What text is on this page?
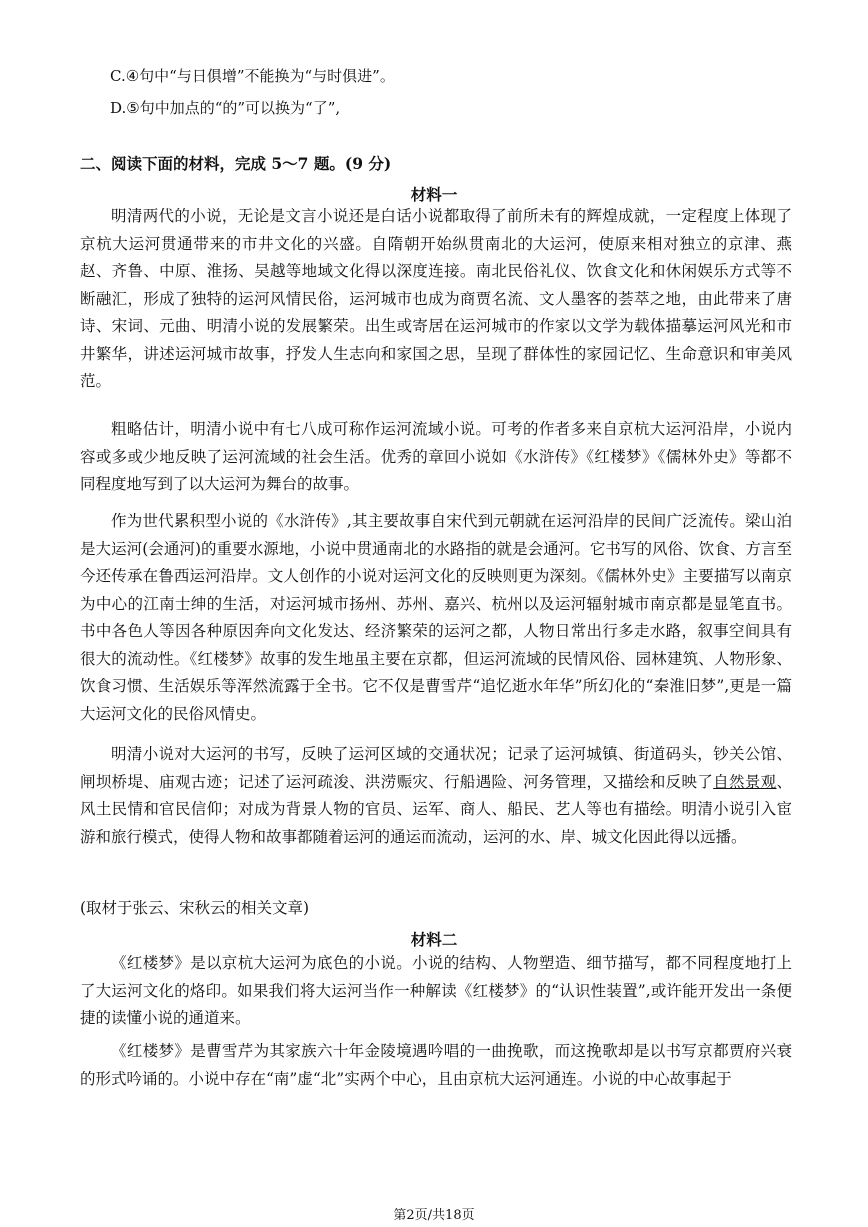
C.④句中“与日俱增”不能换为“与时俱进”。
D.⑤句中加点的“的”可以换为“了”,
二、阅读下面的材料，完成 5～7 题。(9 分)
材料一

明清两代的小说，无论是文言小说还是白话小说都取得了前所未有的辉煌成就，一定程度上体现了京杭大运河贯通带来的市井文化的兴盛。自隋朝开始纵贯南北的大运河，使原来相对独立的京津、燕赵、齐鲁、中原、淮扬、吴越等地域文化得以深度连接。南北民俗礼仪、饮食文化和休闲娱乐方式等不断融汇，形成了独特的运河风情民俗，运河城市也成为商贾名流、文人墨客的荟萃之地，由此带来了唐诗、宋词、元曲、明清小说的发展繁荣。出生或寄居在运河城市的作家以文学为载体描摹运河风光和市井繁华，讲述运河城市故事，抒发人生志向和家国之思，呈现了群体性的家园记忆、生命意识和审美风范。

粗略估计，明清小说中有七八成可称作运河流域小说。可考的作者多来自京杭大运河沿岸，小说内容或多或少地反映了运河流域的社会生活。优秀的章回小说如《水浒传》《红楼梦》《儒林外史》等都不同程度地写到了以大运河为舞台的故事。

作为世代累积型小说的《水浒传》,其主要故事自宋代到元朝就在运河沿岸的民间广泛流传。梁山泊是大运河(会通河)的重要水源地，小说中贯通南北的水路指的就是会通河。它书写的风俗、饮食、方言至今还传承在鲁西运河沿岸。文人创作的小说对运河文化的反映则更为深刻。《儒林外史》主要描写以南京为中心的江南士绅的生活，对运河城市扬州、苏州、嘉兴、杭州以及运河辐射城市南京都是显笔直书。书中各色人等因各种原因奔向文化发达、经济繁荣的运河之都，人物日常出行多走水路，叙事空间具有很大的流动性。《红楼梦》故事的发生地虽主要在京都，但运河流域的民情风俗、园林建筑、人物形象、饮食习惯、生活娱乐等浑然流露于全书。它不仅是曹雪芹“追忆逝水年华”所幻化的“秦淮旧梦”,更是一篇大运河文化的民俗风情史。

明清小说对大运河的书写，反映了运河区域的交通状况；记录了运河城镇、街道码头，钞关公馆、闸坝桥堤、庙观古迹；记述了运河疏浚、洪涝赈灾、行船遇险、河务管理，又描绘和反映了自然景观、风土民情和官民信仰；对成为背景人物的官员、运军、商人、船民、艺人等也有描绘。明清小说引入宦游和旅行模式，使得人物和故事都随着运河的通运而流动，运河的水、岸、城文化因此得以远播。

(取材于张云、宋秋云的相关文章)

材料二

《红楼梦》是以京杭大运河为底色的小说。小说的结构、人物塑造、细节描写，都不同程度地打上了大运河文化的烙印。如果我们将大运河当作一种解读《红楼梦》的“认识性装置”,或许能开发出一条便捷的读懂小说的通道来。

《红楼梦》是曹雪芹为其家族六十年金陵境遇吟唱的一曲挽歌，而这挽歌却是以书写京都贾府兴衰的形式吟诵的。小说中存在“南”虚“北”实两个中心，且由京杭大运河通连。小说的中心故事起于

第2页/共18页
